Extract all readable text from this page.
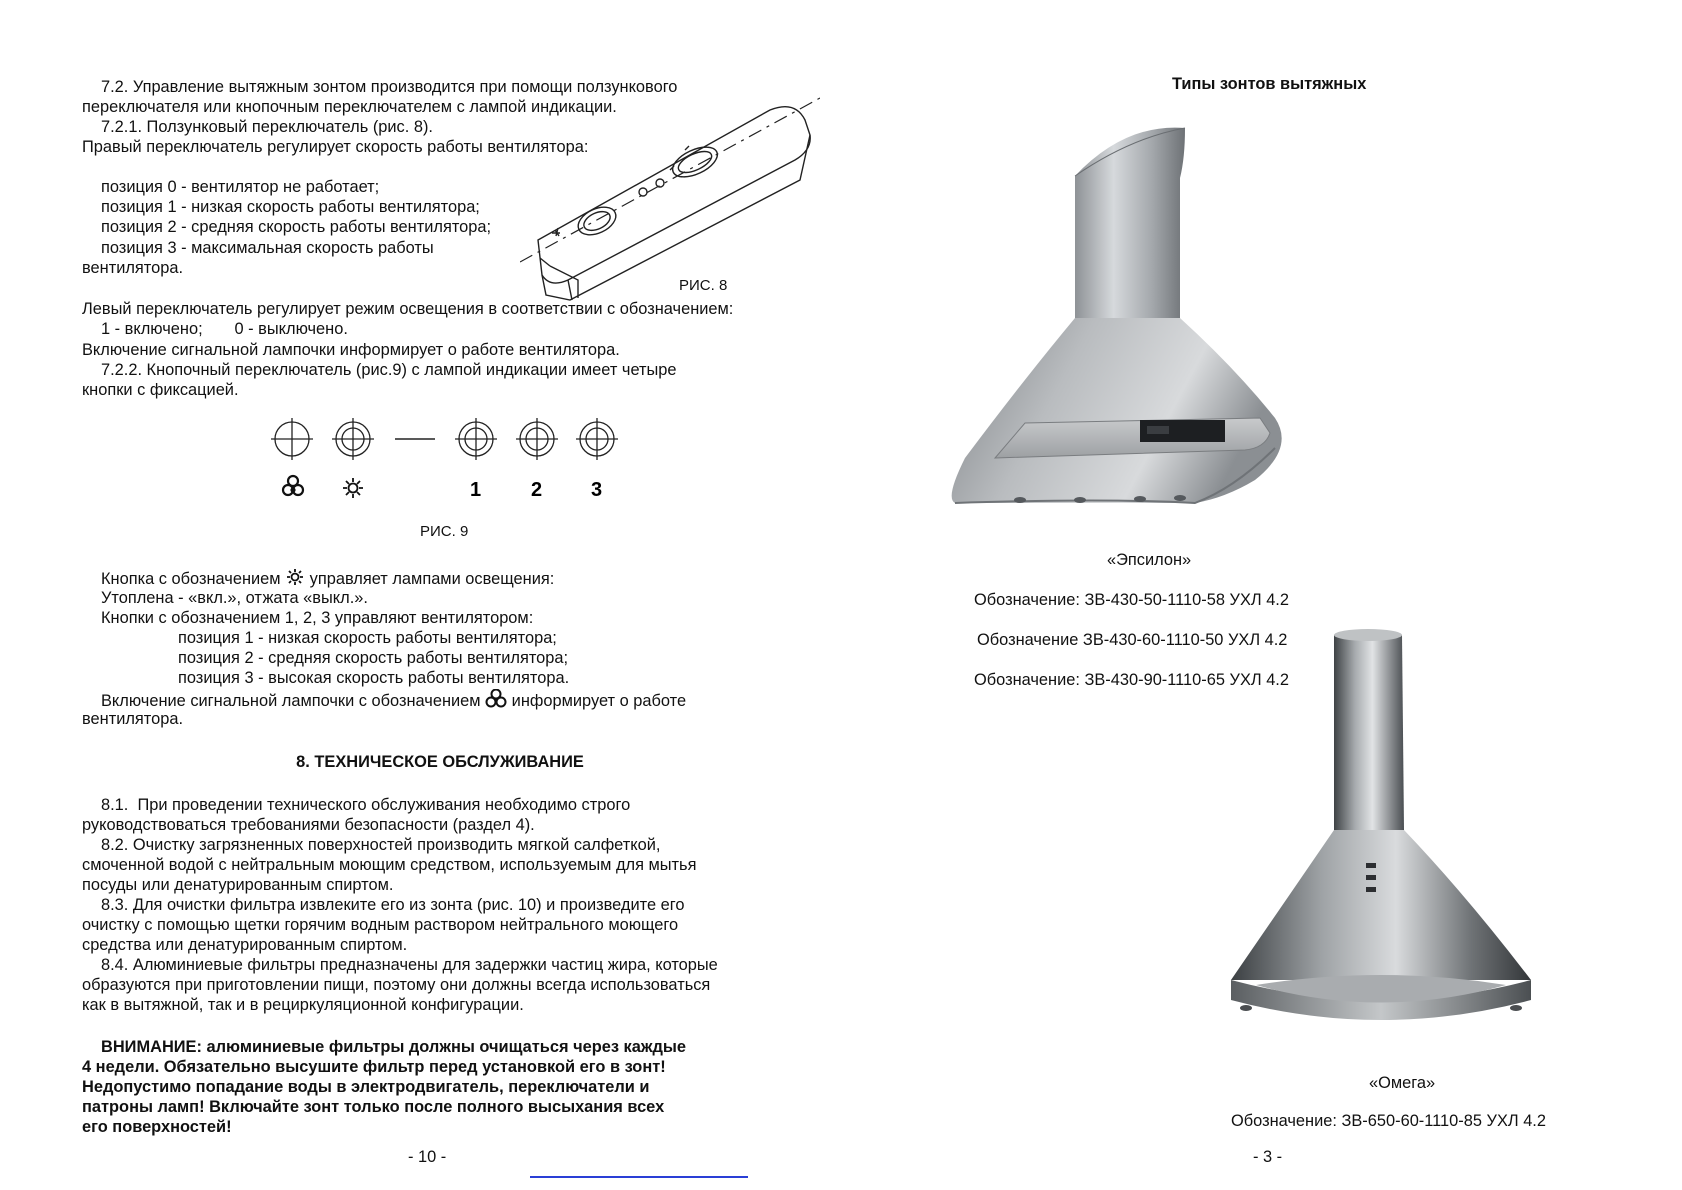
7.2. Управление вытяжным зонтом производится при помощи ползункового
переключателя или кнопочным переключателем с лампой индикации.
7.2.1. Ползунковый переключатель (рис. 8).
Правый переключатель регулирует скорость работы вентилятора:
позиция 0 - вентилятор не работает;
позиция 1 - низкая скорость работы вентилятора;
позиция 2 - средняя скорость работы вентилятора;
позиция 3 - максимальная скорость работы
вентилятора.
РИС. 8
Левый переключатель регулирует режим освещения в соответствии с обозначением:
1 - включено;       0 - выключено.
Включение сигнальной лампочки информирует о работе вентилятора.
7.2.2. Кнопочный переключатель (рис.9) с лампой индикации имеет четыре
кнопки с фиксацией.
1 2 3
РИС. 9
Кнопка с обозначением  управляет лампами освещения:
Утоплена - «вкл.», отжата «выкл.».
Кнопки с обозначением 1, 2, 3 управляют вентилятором:
позиция 1 - низкая скорость работы вентилятора;
позиция 2 - средняя скорость работы вентилятора;
позиция 3 - высокая скорость работы вентилятора.
Включение сигнальной лампочки с обозначением  информирует о работе
вентилятора.
8. ТЕХНИЧЕСКОЕ ОБСЛУЖИВАНИЕ
8.1.  При проведении технического обслуживания необходимо строго
руководствоваться требованиями безопасности (раздел 4).
8.2. Очистку загрязненных поверхностей производить мягкой салфеткой,
смоченной водой с нейтральным моющим средством, используемым для мытья
посуды или денатурированным спиртом.
8.3. Для очистки фильтра извлеките его из зонта (рис. 10) и произведите его
очистку с помощью щетки горячим водным раствором нейтрального моющего
средства или денатурированным спиртом.
8.4. Алюминиевые фильтры предназначены для задержки частиц жира, которые
образуются при приготовлении пищи, поэтому они должны всегда использоваться
как в вытяжной, так и в рециркуляционной конфигурации.
ВНИМАНИЕ: алюминиевые фильтры должны очищаться через каждые
4 недели. Обязательно высушите фильтр перед установкой его в зонт!
Недопустимо попадание воды в электродвигатель, переключатели и
патроны ламп! Включайте зонт только после полного высыхания всех
его поверхностей!
- 10 -
Типы зонтов вытяжных
«Эпсилон»
Обозначение: ЗВ-430-50-1110-58 УХЛ 4.2
Обозначение ЗВ-430-60-1110-50 УХЛ 4.2
Обозначение: ЗВ-430-90-1110-65 УХЛ 4.2
«Омега»
Обозначение: ЗВ-650-60-1110-85 УХЛ 4.2
- 3 -
